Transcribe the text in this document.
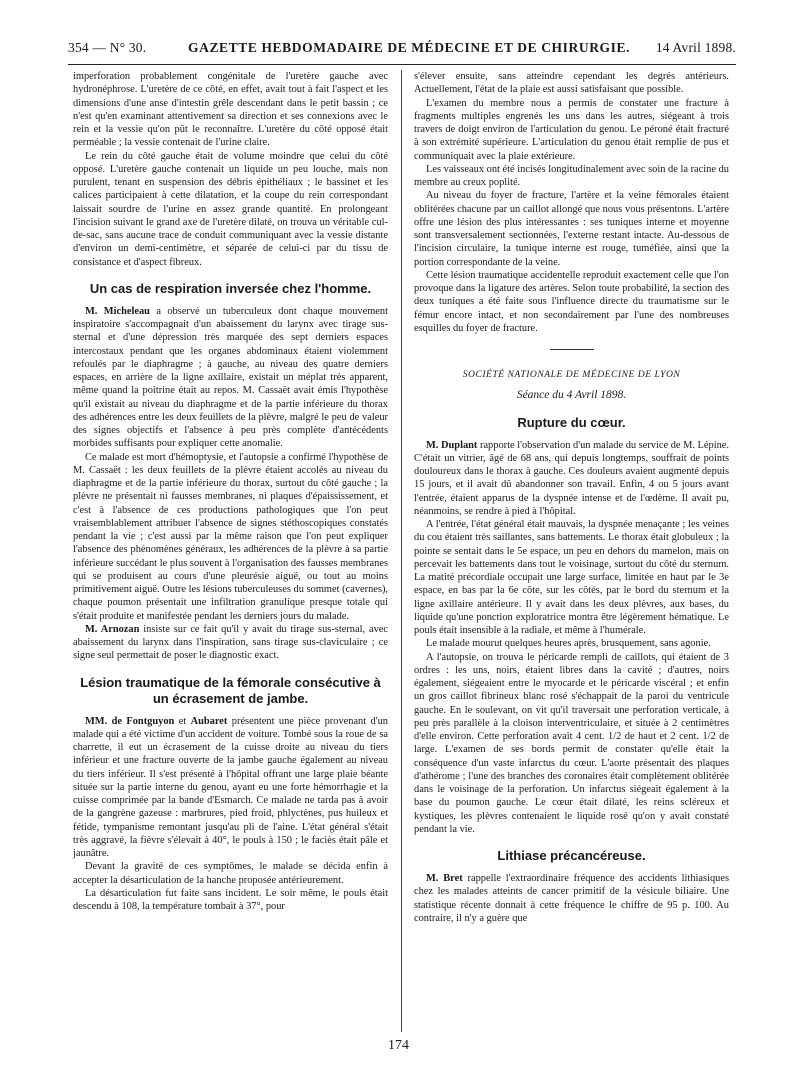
354 — N° 30.	GAZETTE HEBDOMADAIRE DE MÉDECINE ET DE CHIRURGIE. 14 Avril 1898.

imperforation probablement congénitale de l'uretère gauche avec hydronéphrose. L'uretère de ce côté, en effet, avait tout à fait l'aspect et les dimensions d'une anse d'intestin grêle descendant dans le petit bassin ; ce n'est qu'en examinant attentivement sa direction et ses connexions avec le rein et la vessie qu'on pût le reconnaître. L'uretère du côté opposé était perméable ; la vessie contenait de l'urine claire.

Le rein du côté gauche était de volume moindre que celui du côté opposé. L'uretère gauche contenait un liquide un peu louche, mais non purulent, tenant en suspension des débris épithéliaux ; le bassinet et les calices participaient à cette dilatation, et la coupe du rein correspondant laissait sourdre de l'urine en assez grande quantité. En prolongeant l'incision suivant le grand axe de l'uretère dilaté, on trouva un véritable cul-de-sac, sans aucune trace de conduit communiquant avec la vessie distante d'environ un demi-centimètre, et séparée de celui-ci par du tissu de consistance et d'aspect fibreux.

Un cas de respiration inversée chez l'homme.

M. Micheleau a observé un tuberculeux dont chaque mouvement inspiratoire s'accompagnait d'un abaissement du larynx avec tirage sus-sternal et d'une dépression très marquée des sept derniers espaces intercostaux pendant que les organes abdominaux étaient violemment refoulés par le diaphragme ; à gauche, au niveau des quatre derniers espaces, en arrière de la ligne axillaire, existait un méplat très apparent, même quand la poitrine était au repos. M. Cassaët avait émis l'hypothèse qu'il existait au niveau du diaphragme et de la partie inférieure du thorax des adhérences entre les deux feuillets de la plèvre, malgré le peu de valeur des signes objectifs et l'absence à peu près complète d'antécédents morbides suffisants pour expliquer cette anomalie.

Ce malade est mort d'hémoptysie, et l'autopsie a confirmé l'hypothèse de M. Cassaët : les deux feuillets de la plèvre étaient accolés au niveau du diaphragme et de la partie inférieure du thorax, surtout du côté gauche ; la plèvre ne présentait ni fausses membranes, ni plaques d'épaississement, et c'est à l'absence de ces productions pathologiques que l'on peut vraisemblablement attribuer l'absence de signes stéthoscopiques constatés pendant la vie ; c'est aussi par la même raison que l'on peut expliquer l'absence des phénomènes généraux, les adhérences de la plèvre à sa partie inférieure succédant le plus souvent à l'organisation des fausses membranes qui se produisent au cours d'une pleurésie aiguë, ou tout au moins primitivement aiguë. Outre les lésions tuberculeuses du sommet (cavernes), chaque poumon présentait une infiltration granulique presque totale qui s'était produite et manifestée pendant les derniers jours du malade.

M. Arnozan insiste sur ce fait qu'il y avait du tirage sus-sternal, avec abaissement du larynx dans l'inspiration, sans tirage sus-claviculaire ; ce signe seul permettait de poser le diagnostic exact.

Lésion traumatique de la fémorale consécutive à un écrasement de jambe.

MM. de Fontguyon et Aubaret présentent une pièce provenant d'un malade qui a été victime d'un accident de voiture. Tombé sous la roue de sa charrette, il eut un écrasement de la cuisse droite au niveau du tiers inférieur et une fracture ouverte de la jambe gauche également au niveau du tiers inférieur. Il s'est présenté à l'hôpital offrant une large plaie béante située sur la partie interne du genou, ayant eu une forte hémorrhagie et la cuisse comprimée par la bande d'Esmarch. Ce malade ne tarda pas à avoir de la gangrène gazeuse : marbrures, pied froid, phlyctènes, pus huileux et fétide, tympanisme remontant jusqu'au pli de l'aine. L'état général s'était très aggravé, la fièvre s'élevait à 40°, le pouls à 150 ; le faciès était pâle et jaunâtre.

Devant la gravité de ces symptômes, le malade se décida enfin à accepter la désarticulation de la hanche proposée antérieurement.

La désarticulation fut faite sans incident. Le soir même, le pouls était descendu à 108, la température tombait à 37°, pour

s'élever ensuite, sans atteindre cependant les degrés antérieurs. Actuellement, l'état de la plaie est aussi satisfaisant que possible.

L'examen du membre nous a permis de constater une fracture à fragments multiples engrenés les uns dans les autres, siégeant à trois travers de doigt environ de l'articulation du genou. Le péroné était fracturé à son extrémité supérieure. L'articulation du genou était remplie de pus et communiquait avec la plaie extérieure.

Les vaisseaux ont été incisés longitudinalement avec soin de la racine du membre au creux poplité.

Au niveau du foyer de fracture, l'artère et la veine fémorales étaient oblitérées chacune par un caillot allongé que nous vous présentons. L'artère offre une lésion des plus intéressantes : ses tuniques interne et moyenne sont transversalement sectionnées, l'externe restant intacte. Au-dessous de l'incision circulaire, la tunique interne est rouge, tuméfiée, ainsi que la portion correspondante de la veine.

Cette lésion traumatique accidentelle reproduit exactement celle que l'on provoque dans la ligature des artères. Selon toute probabilité, la section des deux tuniques a été faite sous l'influence directe du traumatisme sur le fémur encore intact, et non secondairement par l'une des nombreuses esquilles du foyer de fracture.

SOCIÉTÉ NATIONALE DE MÉDECINE DE LYON
Séance du 4 Avril 1898.
Rupture du cœur.

M. Duplant rapporte l'observation d'un malade du service de M. Lépine. C'était un vitrier, âgé de 68 ans, qui depuis longtemps, souffrait de points douloureux dans le thorax à gauche. Ces douleurs avaient augmenté depuis 15 jours, et il avait dû abandonner son travail. Enfin, 4 ou 5 jours avant l'entrée, étaient apparus de la dyspnée intense et de l'œdème. Il avait pu, néanmoins, se rendre à pied à l'hôpital.

A l'entrée, l'état général était mauvais, la dyspnée menaçante ; les veines du cou étaient très saillantes, sans battements. Le thorax était globuleux ; la pointe se sentait dans le 5e espace, un peu en dehors du mamelon, mais on percevait les battements dans tout le voisinage, surtout du côté du sternum. La matité précordiale occupait une large surface, limitée en haut par le 3e espace, en bas par la 6e côte, sur les côtés, par le bord du sternum et la ligne axillaire antérieure. Il y avait dans les deux plèvres, aux bases, du liquide qu'une ponction exploratrice montra être légèrement hématique. Le pouls était insensible à la radiale, et même à l'humérale.

Le malade mourut quelques heures après, brusquement, sans agonie.

A l'autopsie, on trouva le péricarde rempli de caillots, qui étaient de 3 ordres : les uns, noirs, étaient libres dans la cavité ; d'autres, noirs également, siégeaient entre le myocarde et le péricarde viscéral ; et enfin un gros caillot fibrineux blanc rosé s'échappait de la paroi du ventricule gauche. En le soulevant, on vit qu'il traversait une perforation verticale, à peu près parallèle à la cloison interventriculaire, et située à 2 centimètres d'elle environ. Cette perforation avait 4 cent. 1/2 de haut et 2 cent. 1/2 de large. L'examen de ses bords permit de constater qu'elle était la conséquence d'un vaste infarctus du cœur. L'aorte présentait des plaques d'athérome ; l'une des branches des coronaires était complètement oblitérée dans le voisinage de la perforation. Un infarctus siégeait également à la base du poumon gauche. Le cœur était dilaté, les reins scléreux et kystiques, les plèvres contenaient le liquide rosé qu'on y avait constaté pendant la vie.

Lithiase précancéreuse.

M. Bret rappelle l'extraordinaire fréquence des accidents lithiasiques chez les malades atteints de cancer primitif de la vésicule biliaire. Une statistique récente donnait à cette fréquence le chiffre de 95 p. 100. Au contraire, il n'y a guère que

174
